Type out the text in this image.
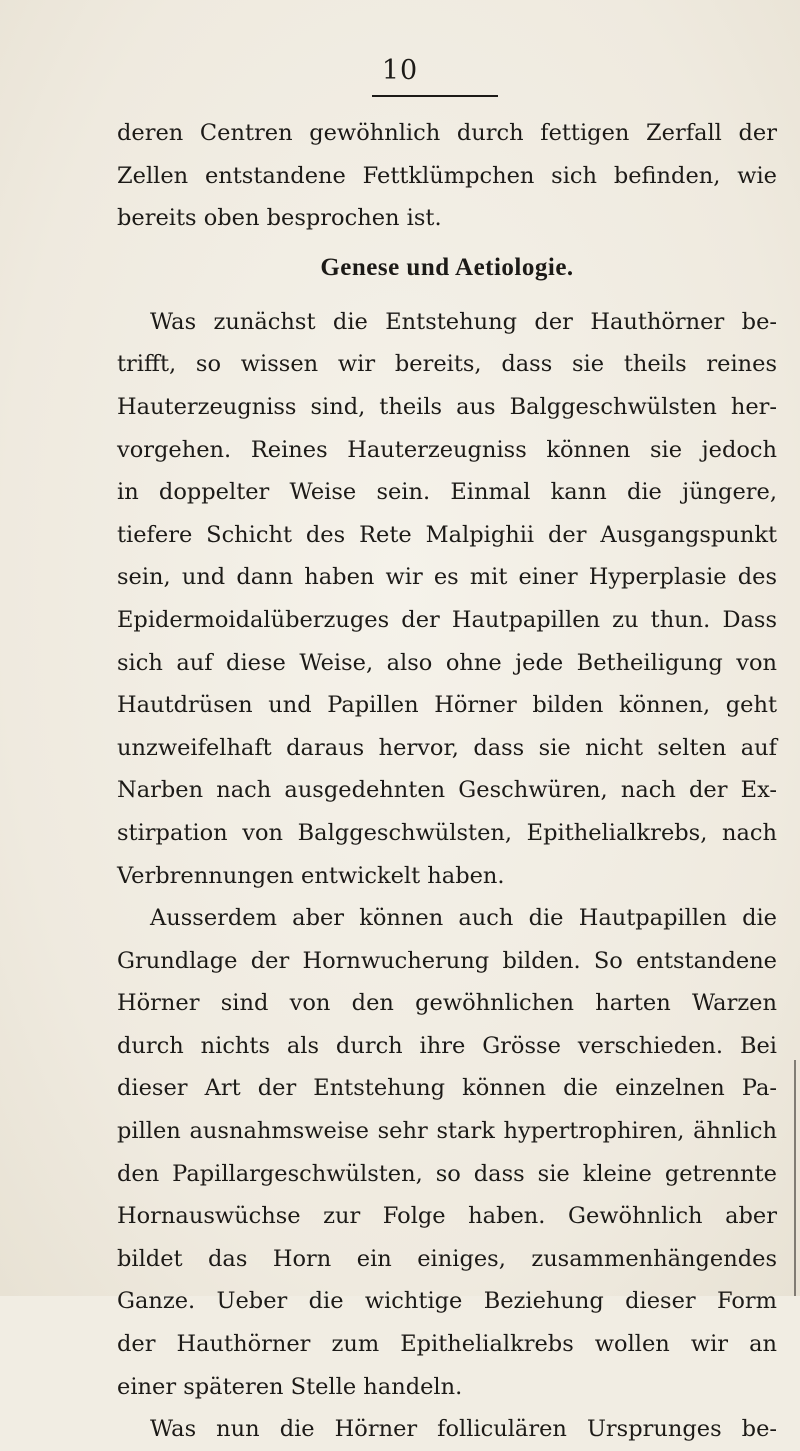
10
deren Centren gewöhnlich durch fettigen Zerfall der
Zellen entstandene Fettklümpchen sich befinden, wie
bereits oben besprochen ist.
Genese und Aetiologie.
Was zunächst die Entstehung der Hauthörner be-
trifft, so wissen wir bereits, dass sie theils reines
Hauterzeugniss sind, theils aus Balggeschwülsten her-
vorgehen. Reines Hauterzeugniss können sie jedoch
in doppelter Weise sein. Einmal kann die jüngere,
tiefere Schicht des Rete Malpighii der Ausgangspunkt
sein, und dann haben wir es mit einer Hyperplasie des
Epidermoidalüberzuges der Hautpapillen zu thun. Dass
sich auf diese Weise, also ohne jede Betheiligung von
Hautdrüsen und Papillen Hörner bilden können, geht
unzweifelhaft daraus hervor, dass sie nicht selten auf
Narben nach ausgedehnten Geschwüren, nach der Ex-
stirpation von Balggeschwülsten, Epithelialkrebs, nach
Verbrennungen entwickelt haben.
Ausserdem aber können auch die Hautpapillen die
Grundlage der Hornwucherung bilden. So entstandene
Hörner sind von den gewöhnlichen harten Warzen
durch nichts als durch ihre Grösse verschieden. Bei
dieser Art der Entstehung können die einzelnen Pa-
pillen ausnahmsweise sehr stark hypertrophiren, ähnlich
den Papillargeschwülsten, so dass sie kleine getrennte
Hornauswüchse zur Folge haben. Gewöhnlich aber
bildet das Horn ein einiges, zusammenhängendes
Ganze. Ueber die wichtige Beziehung dieser Form
der Hauthörner zum Epithelialkrebs wollen wir an
einer späteren Stelle handeln.
Was nun die Hörner folliculären Ursprunges be-
